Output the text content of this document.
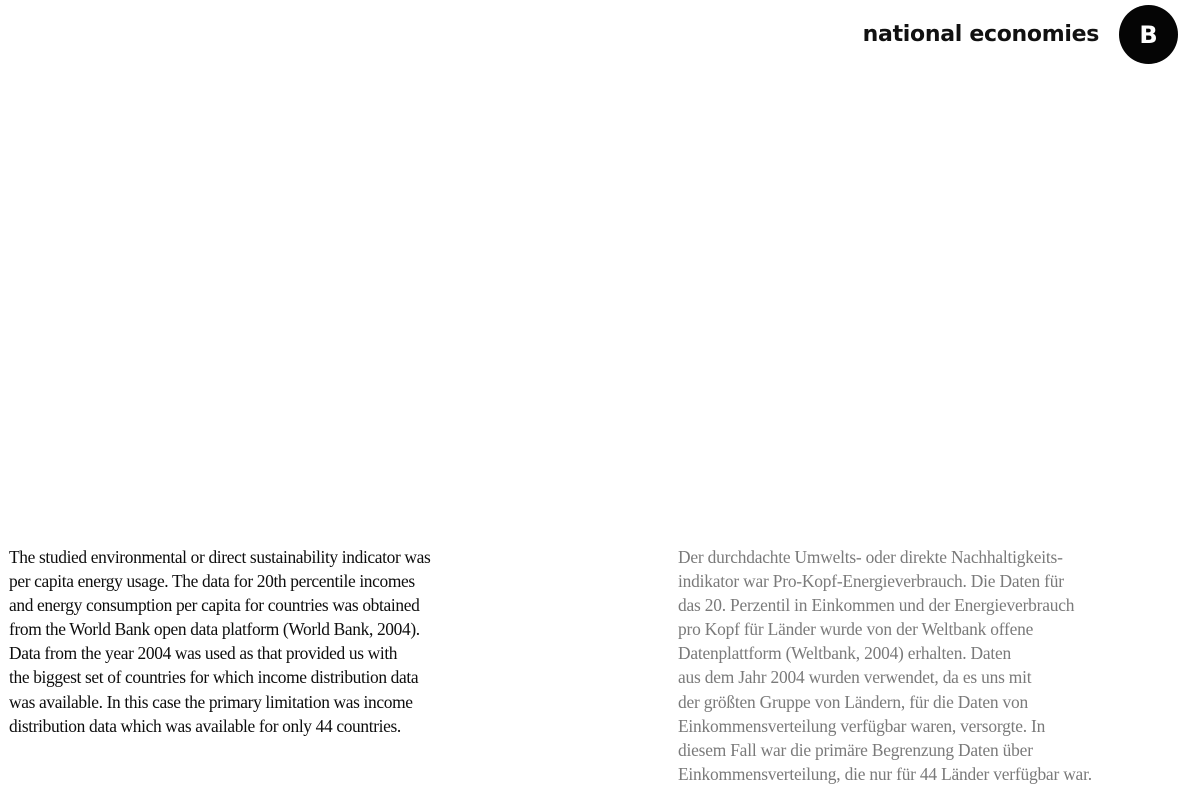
national economies B
The studied environmental or direct sustainability indicator was
per capita energy usage. The data for 20th percentile incomes
and energy consumption per capita for countries was obtained
from the World Bank open data platform (World Bank, 2004).
Data from the year 2004 was used as that provided us with
the biggest set of countries for which income distribution data
was available. In this case the primary limitation was income
distribution data which was available for only 44 countries.
Der durchdachte Umwelts- oder direkte Nachhaltigkeits-
indikator war Pro-Kopf-Energieverbrauch. Die Daten für
das 20. Perzentil in Einkommen und der Energieverbrauch
pro Kopf für Länder wurde von der Weltbank offene
Datenplattform (Weltbank, 2004) erhalten. Daten
aus dem Jahr 2004 wurden verwendet, da es uns mit
der größten Gruppe von Ländern, für die Daten von
Einkommensverteilung verfügbar waren, versorgte. In
diesem Fall war die primäre Begrenzung Daten über
Einkommensverteilung, die nur für 44 Länder verfügbar war.
